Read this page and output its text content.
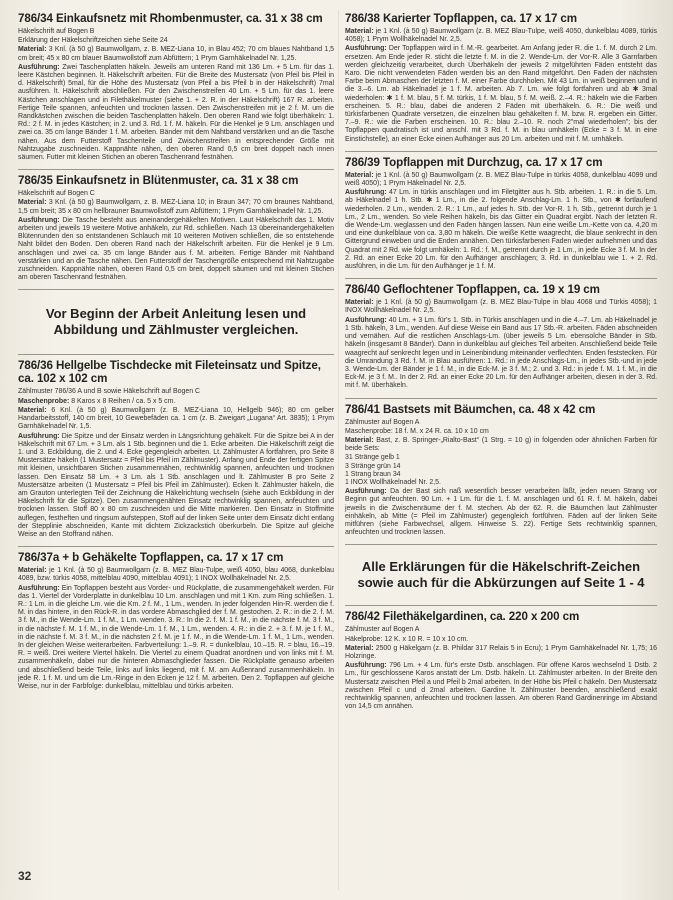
786/34 Einkaufsnetz mit Rhombenmuster, ca. 31 x 38 cm

Häkelschrift auf Bogen B

Erklärung der Häkelschriftzeichen siehe Seite 24

Material: 3 Knl. (à 50 g) Baumwollgarn, z. B. MEZ-Liana 10, in Blau 452; 70 cm blaues Nahtband 1,5 cm breit; 45 x 80 cm blauer Baumwollstoff zum Abfüttern; 1 Prym Garnhäkelnadel Nr. 1,25.

Ausführung: Zwei Taschenplatten häkeln. Jeweils am unteren Rand mit 136 Lm. + 5 Lm. für das 1. leere Kästchen beginnen. lt. Häkelschrift arbeiten. Für die Breite des Mustersatz (von Pfeil bis Pfeil in d. Häkelschrift) 5mal, für die Höhe des Mustersatz (von Pfeil a bis Pfeil b in der Häkelschrift) 7mal ausführen. lt. Häkelschrift abschließen. Für den Zwischenstreifen 40 Lm. + 5 Lm. für das 1. leere Kästchen anschlagen und in Filethäkelmuster (siehe 1. + 2. R. in der Häkelschrift) 167 R. arbeiten. Fertige Teile spannen, anfeuchten und trocknen lassen. Den Zwischenstreifen mit je 2 f. M. um die Randkästchen zwischen die beiden Taschenplatten häkeln. Den oberen Rand wie folgt überhäkeln: 1. Rd.: 2 f. M. in jedes Kästchen; in 2. und 3. Rd. 1 f. M. häkeln. Für die Henkel je 9 Lm. anschlagen und zwei ca. 35 cm lange Bänder 1 f. M. arbeiten. Bänder mit dem Nahtband verstärken und an die Tasche nähen. Aus dem Futterstoff Taschenteile und Zwischenstreifen in entsprechender Größe mit Nahtzugabe zuschneiden. Kappnähte nähen, den oberen Rand 0,5 cm breit doppelt nach innen säumen. Futter mit kleinen Stichen an oberen Taschenrand festnähen.

786/35 Einkaufsnetz in Blütenmuster, ca. 31 x 38 cm

Häkelschrift auf Bogen C

Material: 3 Knl. (à 50 g) Baumwollgarn, z. B. MEZ-Liana 10; in Braun 347; 70 cm braunes Nahtband, 1,5 cm breit; 35 x 80 cm hellbrauner Baumwollstoff zum Abfüttern; 1 Prym Garnhäkelnadel Nr. 1,25.

Ausführung: Die Tasche besteht aus aneinandergehäkelten Motiven. Laut Häkelschrift das 1. Motiv arbeiten und jeweils 19 weitere Motive anhäkeln, zur Rd. schließen. Nach 13 übereinandergehäkelten Blütenrunden den so entstandenen Schlauch mit 10 weiteren Motiven schließen, die so entstehende Naht bildet den Boden. Den oberen Rand nach der Häkelschrift arbeiten. Für die Henkel je 9 Lm. anschlagen und zwei ca. 35 cm lange Bänder aus f. M. arbeiten. Fertige Bänder mit Nahtband verstärken und an die Tasche nähen. Den Futterstoff der Taschengröße entsprechend mit Nahtzugabe zuschneiden. Kappnähte nähen, oberen Rand 0,5 cm breit, doppelt säumen und mit kleinen Stichen am oberen Taschenrand festnähen.

Vor Beginn der Arbeit Anleitung lesen und Abbildung und Zählmuster vergleichen.
786/36 Hellgelbe Tischdecke mit Fileteinsatz und Spitze, ca. 102 x 102 cm

Zählmuster 786/36 A und B sowie Häkelschrift auf Bogen C

Maschenprobe: 8 Karos x 8 Reihen / ca. 5 x 5 cm.

Material: 6 Knl. (à 50 g) Baumwollgarn (z. B. MEZ-Liana 10, Hellgelb 946); 80 cm gelber Handarbeitsstoff, 140 cm breit, 10 Gewebefäden ca. 1 cm (z. B. Zweigart „Lugana“ Art. 3835); 1 Prym Garnhäkelnadel Nr. 1,5.

Ausführung: Die Spitze und der Einsatz werden in Längsrichtung gehäkelt. Für die Spitze bei A in der Häkelschrift mit 67 Lm. + 3 Lm. als 1 Stb. beginnen und die 1. Ecke arbeiten. Die Häkelschrift zeigt die 1. und 3. Eckbildung, die 2. und 4. Ecke gegengleich arbeiten. Lt. Zählmuster A fortfahren, pro Seite 8 Mustersätze häkeln (1 Mustersatz = Pfeil bis Pfeil im Zählmuster). Anfang und Ende der fertigen Spitze mit kleinen, unsichtbaren Stichen zusammennähen, rechtwinklig spannen, anfeuchten und trocknen lassen. Den Einsatz 58 Lm. + 3 Lm. als 1 Stb. anschlagen und lt. Zählmuster B pro Seite 2 Mustersätze arbeiten (1 Mustersatz = Pfeil bis Pfeil im Zählmuster). Ecken lt. Zählmuster häkeln, die am Grauton unterlegten Teil der Zeichnung die Häkelrichtung wechseln (siehe auch Eckbildung in der Häkelschrift für die Spitze). Den zusammengenähten Einsatz rechtwinklig spannen, anfeuchten und trocknen lassen. Stoff 80 x 80 cm zuschneiden und die Mitte markieren. Den Einsatz in Stoffmitte auflegen, festheften und ringsum aufsteppen, Stoff auf der linken Seite unter dem Einsatz dicht entlang der Stepplinie abschneiden, Kante mit dichtem Zickzackstich überkurbeln. Die Spitze auf gleiche Weise an den Stoffrand nähen.

786/37a + b Gehäkelte Topflappen, ca. 17 x 17 cm

Material: je 1 Knl. (à 50 g) Baumwollgarn (z. B. MEZ Blau-Tulpe, weiß 4050, blau 4068, dunkelblau 4089, bzw. türkis 4058, mittelblau 4090, mittelblau 4091); 1 INOX Wollhäkelnadel Nr. 2,5.

Ausführung: Ein Topflappen besteht aus Vorder- und Rückplatte, die zusammengehäkelt werden. Für das 1. Viertel der Vorderplatte in dunkelblau 10 Lm. anschlagen und mit 1 Km. zum Ring schließen. 1. R.: 1 Lm. in die gleiche Lm. wie die Km. 2 f. M., 1 Lm., wenden. In jeder folgenden Hin-R. werden die f. M. in das hintere, in den Rück-R. in das vordere Abmaschglied der f. M. gestochen. 2. R.: in die 2. f. M. 3 f. M., in die Wende-Lm. 1 f. M., 1 Lm. wenden. 3. R.: In die 2. f. M. 1 f. M., in die nächste f. M. 3 f. M., in die nächste f. M. 1 f. M., in die Wende-Lm. 1 f. M., 1 Lm., wenden. 4. R.: in die 2. + 3. f. M. je 1 f. M., in die nächste f. M. 3 f. M., in die nächsten 2 f. M. je 1 f. M., in die Wende-Lm. 1 f. M., 1 Lm., wenden. In der gleichen Weise weiterarbeiten. Farbverteilung: 1.–9. R. = dunkelblau, 10.–15. R. = blau, 16.–19. R. = weiß. Drei weitere Viertel häkeln. Die Viertel zu einem Quadrat anordnen und von links mit f. M. zusammenhäkeln, dabei nur die hinteren Abmaschglieder fassen. Die Rückplatte genauso arbeiten und abschließend beide Teile, links auf links liegend, mit f. M. am Außenrand zusammenhäkeln. In jede R. 1 f. M. und um die Lm.-Ringe in den Ecken je 12 f. M. arbeiten. Den 2. Topflappen auf gleiche Weise, nur in der Farbfolge: dunkelblau, mittelblau und türkis arbeiten.

786/38 Karierter Topflappen, ca. 17 x 17 cm

Material: je 1 Knl. (à 50 g) Baumwollgarn (z. B. MEZ Blau-Tulpe, weiß 4050, dunkelblau 4089, türkis 4058); 1 Prym Wollhäkelnadel Nr. 2,5.

Ausführung: Der Topflappen wird in f. M.-R. gearbeitet. Am Anfang jeder R. die 1. f. M. durch 2 Lm. ersetzen. Am Ende jeder R. sticht die letzte f. M. in die 2. Wende-Lm. der Vor-R. Alle 3 Garnfarben werden gleichzeitig verarbeitet, durch Überhäkeln der jeweils 2 mitgeführten Fäden entsteht das Karo. Die nicht verwendeten Fäden werden bis an den Rand mitgeführt. Den Faden der nächsten Farbe beim Abmaschen der letzten f. M. einer Farbe durchholen. Mit 43 Lm. in weiß beginnen und in die 3.–6. Lm. ab Häkelnadel je 1 f. M. arbeiten. Ab 7. Lm. wie folgt fortfahren und ab ✱ 3mal wiederholen: ✱ 1 f. M. blau, 5 f. M. türkis, 1 f. M. blau, 5 f. M. weiß. 2.–4. R.: häkeln wie die Farben erscheinen. 5. R.: blau, dabei die anderen 2 Fäden mit überhäkeln. 6. R.: Die weiß und türkisfarbenen Quadrate versetzen, die einzelnen blau gehäkelten f. M. bzw. R. ergeben ein Gitter. 7.–9. R.: wie die Farben erscheinen. 10. R.: blau 2.–10. R. noch 2"mal wiederholen"; bis der Topflappen quadratisch ist und anschl. mit 3 Rd. f. M. in blau umhäkeln (Ecke = 3 f. M. in eine Einstichstelle), an einer Ecke einen Aufhänger aus 20 Lm. arbeiten und mit f. M. umhäkeln.

786/39 Topflappen mit Durchzug, ca. 17 x 17 cm

Material: je 1 Knl. (à 50 g) Baumwollgarn (z. B. MEZ Blau-Tulpe in türkis 4058, dunkelblau 4099 und weiß 4050); 1 Prym Häkelnadel Nr. 2,5.

Ausführung: 47 Lm. in türkis anschlagen und im Filetgitter aus h. Stb. arbeiten. 1. R.: in die 5. Lm. ab Häkelnadel 1 h. Stb. ✱ 1 Lm., in die 2. folgende Anschlag-Lm. 1 h. Stb., von ✱ fortlaufend wiederholen. 2 Lm., wenden. 2. R.: 1 Lm., auf jedes h. Stb. der Vor-R. 1 h. Stb., getrennt durch je 1 Lm., 2 Lm., wenden. So viele Reihen häkeln, bis das Gitter ein Quadrat ergibt. Nach der letzten R. die Wende-Lm. weglassen und den Faden hängen lassen. Nun eine weiße Lm.-Kette von ca. 4,20 m und eine dunkelblaue von ca. 3,80 m häkeln. Die weiße Kette waagrecht, die blaue senkrecht in den Gittergrund einweben und die Enden annähen. Den türkisfarbenen Faden wieder aufnehmen und das Quadrat mit 2 Rd. wie folgt umhäkeln: 1. Rd.: f. M., getrennt durch je 1 Lm., in jede Ecke 3 f. M. In der 2. Rd. an einer Ecke 20 Lm. für den Aufhänger anschlagen; 3. Rd. in dunkelblau wie 1. + 2. Rd. ausführen, in die Lm. für den Aufhänger je 1 f. M.

786/40 Geflochtener Topflappen, ca. 19 x 19 cm

Material: je 1 Knl. (à 50 g) Baumwollgarn (z. B. MEZ Blau-Tulpe in blau 4068 und Türkis 4058); 1 INOX Wollhäkelnadel Nr. 2,5.

Ausführung: 40 Lm. + 3 Lm. für's 1. Stb. in Türkis anschlagen und in die 4.–7. Lm. ab Häkelnadel je 1 Stb. häkeln, 3 Lm., wenden. Auf diese Weise ein Band aus 17 Stb.-R. arbeiten. Fäden abschneiden und vernähen. Auf die restlichen Anschlags-Lm. (über jeweils 5 Lm. ebensolche Bänder in Stb. häkeln (insgesamt 8 Bänder). Dann in dunkelblau auf gleiches Teil arbeiten. Anschließend beide Teile waagrecht auf senkrecht legen und in Leinenbindung miteinander verflechten. Enden feststecken. Für die Umrandung 3 Rd. f. M. in Blau ausführen: 1. Rd.: in jede Anschlags-Lm., in jedes Stb.-und in jede 3. Wende-Lm. der Bänder je 1 f. M., in die Eck-M. je 3 f. M.; 2. und 3. Rd.: in jede f. M. 1 f. M., in die Eck-M. je 3 f. M.. In der 2. Rd. an einer Ecke 20 Lm. für den Aufhänger arbeiten, diesen in der 3. Rd. mit f. M. überhäkeln.

786/41 Bastsets mit Bäumchen, ca. 48 x 42 cm

Zählmuster auf Bogen A

Maschenprobe: 18 f. M. x 24 R. ca. 10 x 10 cm

Material: Bast, z. B. Springer-„Rialto-Bast“ (1 Strg. = 10 g) in folgenden oder ähnlichen Farben für beide Sets:

31 Stränge gelb 1
3 Stränge grün 14
1 Strang braun 34
1 INOX Wollhäkelnadel Nr. 2,5.

Ausführung: Da der Bast sich naß wesentlich besser verarbeiten läßt, jeden neuen Strang vor Beginn gut anfeuchten. 90 Lm. + 1 Lm. für die 1. f. M. anschlagen und 61 R. f. M. häkeln, dabei jeweils in die Zwischenräume der f. M. stechen. Ab der 62. R. die Bäumchen laut Zählmuster einhäkeln, ab Mitte (= Pfeil im Zählmuster) gegengleich fortführen. Fäden auf der linken Seite mitführen (siehe Farbwechsel, allgem. Hinweise S. 22). Fertige Sets rechtwinklig spannen, anfeuchten und trocknen lassen.

Alle Erklärungen für die Häkelschrift-Zeichen sowie auch für die Abkürzungen auf Seite 1 - 4
786/42 Filethäkelgardinen, ca. 220 x 200 cm

Zählmuster auf Bogen A

Häkelprobe: 12 K. x 10 R. = 10 x 10 cm.

Material: 2500 g Häkelgarn (z. B. Phildar 317 Relais 5 in Ecru); 1 Prym Garnhäkelnadel Nr. 1,75; 16 Holzringe.

Ausführung: 796 Lm. + 4 Lm. für's erste Dstb. anschlagen. Für offene Karos wechselnd 1 Dstb. 2 Lm., für geschlossene Karos anstatt der Lm. Dstb. häkeln. Lt. Zählmuster arbeiten. In der Breite den Mustersatz zwischen Pfeil a und Pfeil b 2mal arbeiten. In der Höhe bis Pfeil c häkeln. Den Mustersatz zwischen Pfeil c und d 2mal arbeiten. Gardine lt. Zählmuster beenden, anschließend exakt rechtwinklig spannen, anfeuchten und trocknen lassen. Am oberen Rand Gardinenringe im Abstand von 14,5 cm annähen.

32
